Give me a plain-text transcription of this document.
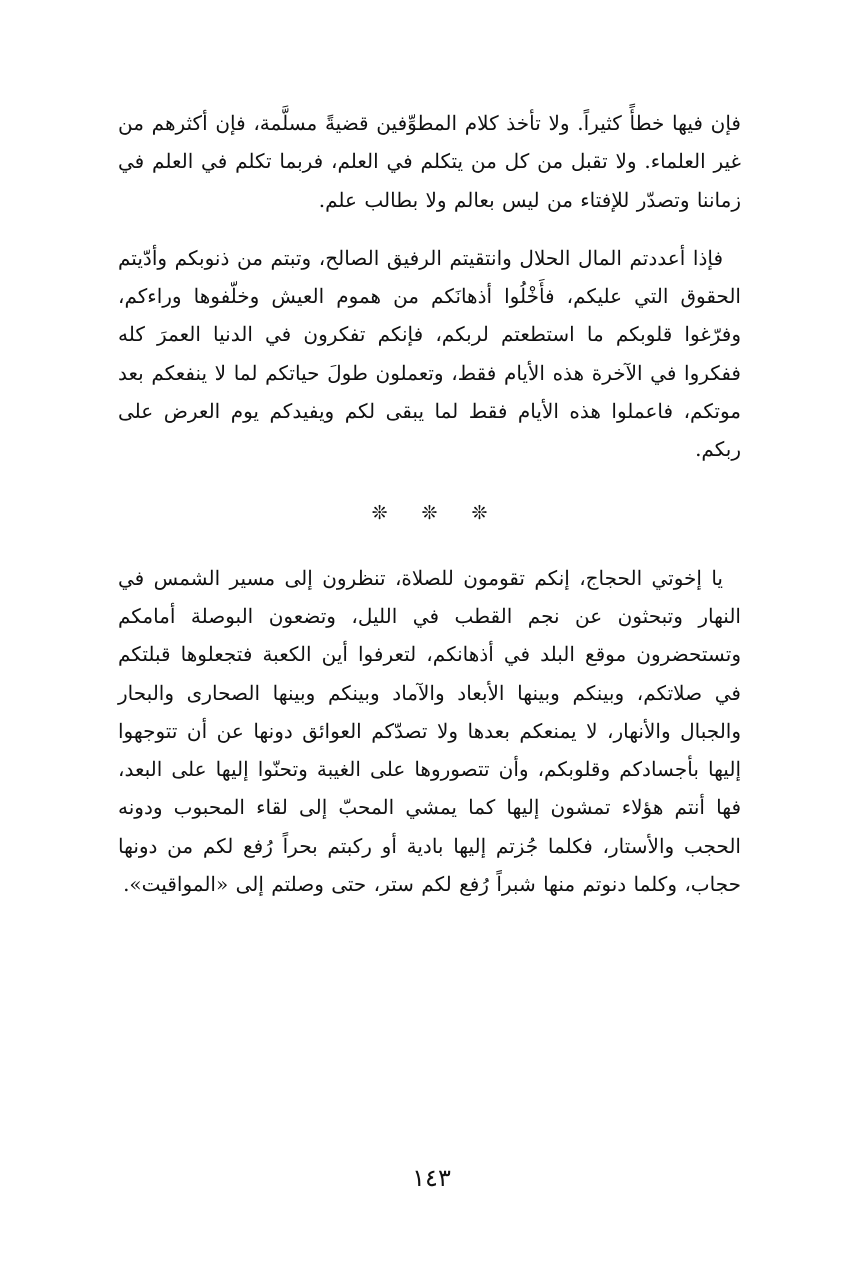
فإن فيها خطأً كثيراً. ولا تأخذ كلام المطوِّفين قضيةً مسلَّمة، فإن أكثرهم من غير العلماء. ولا تقبل من كل من يتكلم في العلم، فربما تكلم في العلم في زماننا وتصدّر للإفتاء من ليس بعالم ولا بطالب علم.

فإذا أعددتم المال الحلال وانتقيتم الرفيق الصالح، وتبتم من ذنوبكم وأدّيتم الحقوق التي عليكم، فأَخْلُوا أذهانَكم من هموم العيش وخلّفوها وراءكم، وفرّغوا قلوبكم ما استطعتم لربكم، فإنكم تفكرون في الدنيا العمرَ كله ففكروا في الآخرة هذه الأيام فقط، وتعملون طولَ حياتكم لما لا ينفعكم بعد موتكم، فاعملوا هذه الأيام فقط لما يبقى لكم ويفيدكم يوم العرض على ربكم.

❊ ❊ ❊

يا إخوتي الحجاج، إنكم تقومون للصلاة، تنظرون إلى مسير الشمس في النهار وتبحثون عن نجم القطب في الليل، وتضعون البوصلة أمامكم وتستحضرون موقع البلد في أذهانكم، لتعرفوا أين الكعبة فتجعلوها قبلتكم في صلاتكم، وبينكم وبينها الأبعاد والآماد وبينكم وبينها الصحارى والبحار والجبال والأنهار، لا يمنعكم بعدها ولا تصدّكم العوائق دونها عن أن تتوجهوا إليها بأجسادكم وقلوبكم، وأن تتصوروها على الغيبة وتحنّوا إليها على البعد، فها أنتم هؤلاء تمشون إليها كما يمشي المحبّ إلى لقاء المحبوب ودونه الحجب والأستار، فكلما جُزتم إليها بادية أو ركبتم بحراً رُفع لكم من دونها حجاب، وكلما دنوتم منها شبراً رُفع لكم ستر، حتى وصلتم إلى «المواقيت».

١٤٣
